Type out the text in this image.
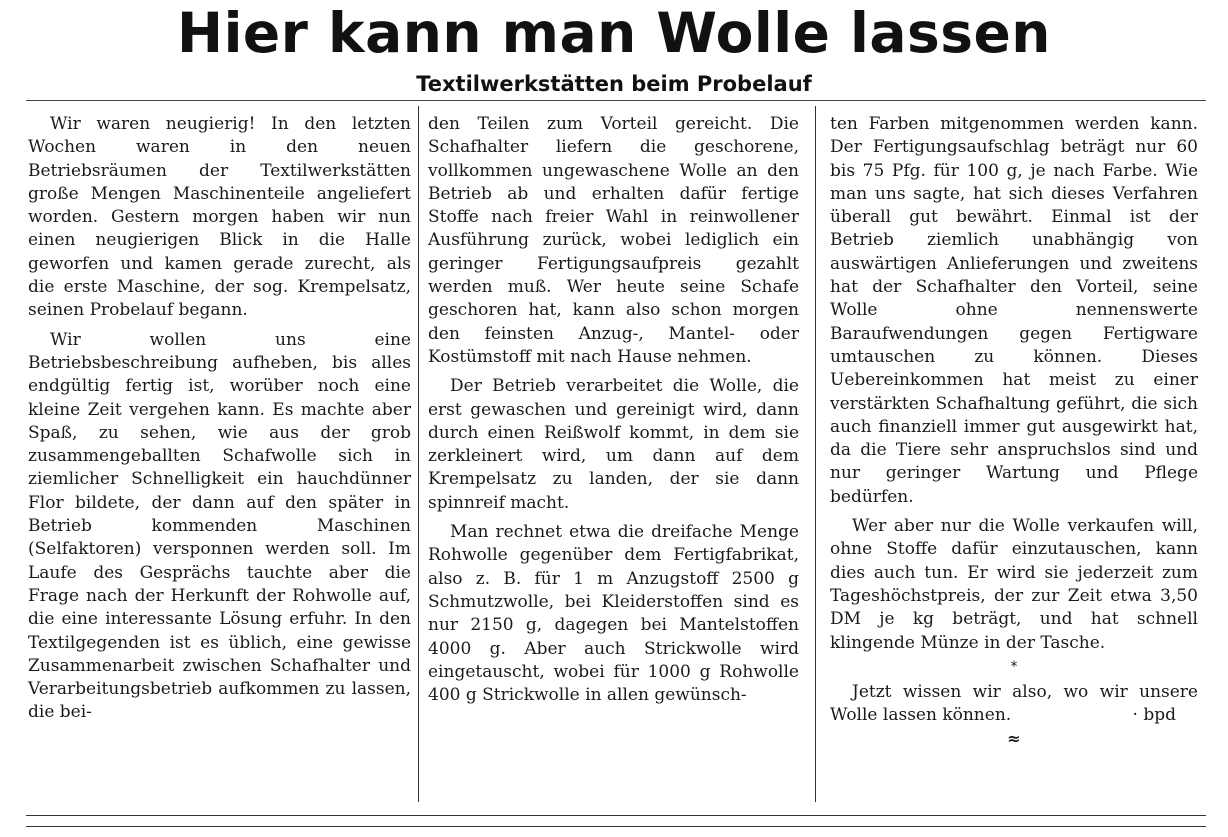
Hier kann man Wolle lassen
Textilwerkstätten beim Probelauf

Wir waren neugierig! In den letzten Wochen waren in den neuen Betriebsräumen der Textilwerkstätten große Mengen Maschinenteile angeliefert worden. Gestern morgen haben wir nun einen neugierigen Blick in die Halle geworfen und kamen gerade zurecht, als die erste Maschine, der sog. Krempelsatz, seinen Probelauf begann.

Wir wollen uns eine Betriebsbeschreibung aufheben, bis alles endgültig fertig ist, worüber noch eine kleine Zeit vergehen kann. Es machte aber Spaß, zu sehen, wie aus der grob zusammengeballten Schafwolle sich in ziemlicher Schnelligkeit ein hauchdünner Flor bildete, der dann auf den später in Betrieb kommenden Maschinen (Selfaktoren) versponnen werden soll. Im Laufe des Gesprächs tauchte aber die Frage nach der Herkunft der Rohwolle auf, die eine interessante Lösung erfuhr. In den Textilgegenden ist es üblich, eine gewisse Zusammenarbeit zwischen Schafhalter und Verarbeitungsbetrieb aufkommen zu lassen, die bei-

den Teilen zum Vorteil gereicht. Die Schafhalter liefern die geschorene, vollkommen ungewaschene Wolle an den Betrieb ab und erhalten dafür fertige Stoffe nach freier Wahl in reinwollener Ausführung zurück, wobei lediglich ein geringer Fertigungsaufpreis gezahlt werden muß. Wer heute seine Schafe geschoren hat, kann also schon morgen den feinsten Anzug-, Mantel- oder Kostümstoff mit nach Hause nehmen.

Der Betrieb verarbeitet die Wolle, die erst gewaschen und gereinigt wird, dann durch einen Reißwolf kommt, in dem sie zerkleinert wird, um dann auf dem Krempelsatz zu landen, der sie dann spinnreif macht.

Man rechnet etwa die dreifache Menge Rohwolle gegenüber dem Fertigfabrikat, also z. B. für 1 m Anzugstoff 2500 g Schmutzwolle, bei Kleiderstoffen sind es nur 2150 g, dagegen bei Mantelstoffen 4000 g. Aber auch Strickwolle wird eingetauscht, wobei für 1000 g Rohwolle 400 g Strickwolle in allen gewünsch-

ten Farben mitgenommen werden kann. Der Fertigungsaufschlag beträgt nur 60 bis 75 Pfg. für 100 g, je nach Farbe. Wie man uns sagte, hat sich dieses Verfahren überall gut bewährt. Einmal ist der Betrieb ziemlich unabhängig von auswärtigen Anlieferungen und zweitens hat der Schafhalter den Vorteil, seine Wolle ohne nennenswerte Baraufwendungen gegen Fertigware umtauschen zu können. Dieses Uebereinkommen hat meist zu einer verstärkten Schafhaltung geführt, die sich auch finanziell immer gut ausgewirkt hat, da die Tiere sehr anspruchslos sind und nur geringer Wartung und Pflege bedürfen.

Wer aber nur die Wolle verkaufen will, ohne Stoffe dafür einzutauschen, kann dies auch tun. Er wird sie jederzeit zum Tageshöchstpreis, der zur Zeit etwa 3,50 DM je kg beträgt, und hat schnell klingende Münze in der Tasche.

*

Jetzt wissen wir also, wo wir unsere Wolle lassen können.	· bpd

≈
